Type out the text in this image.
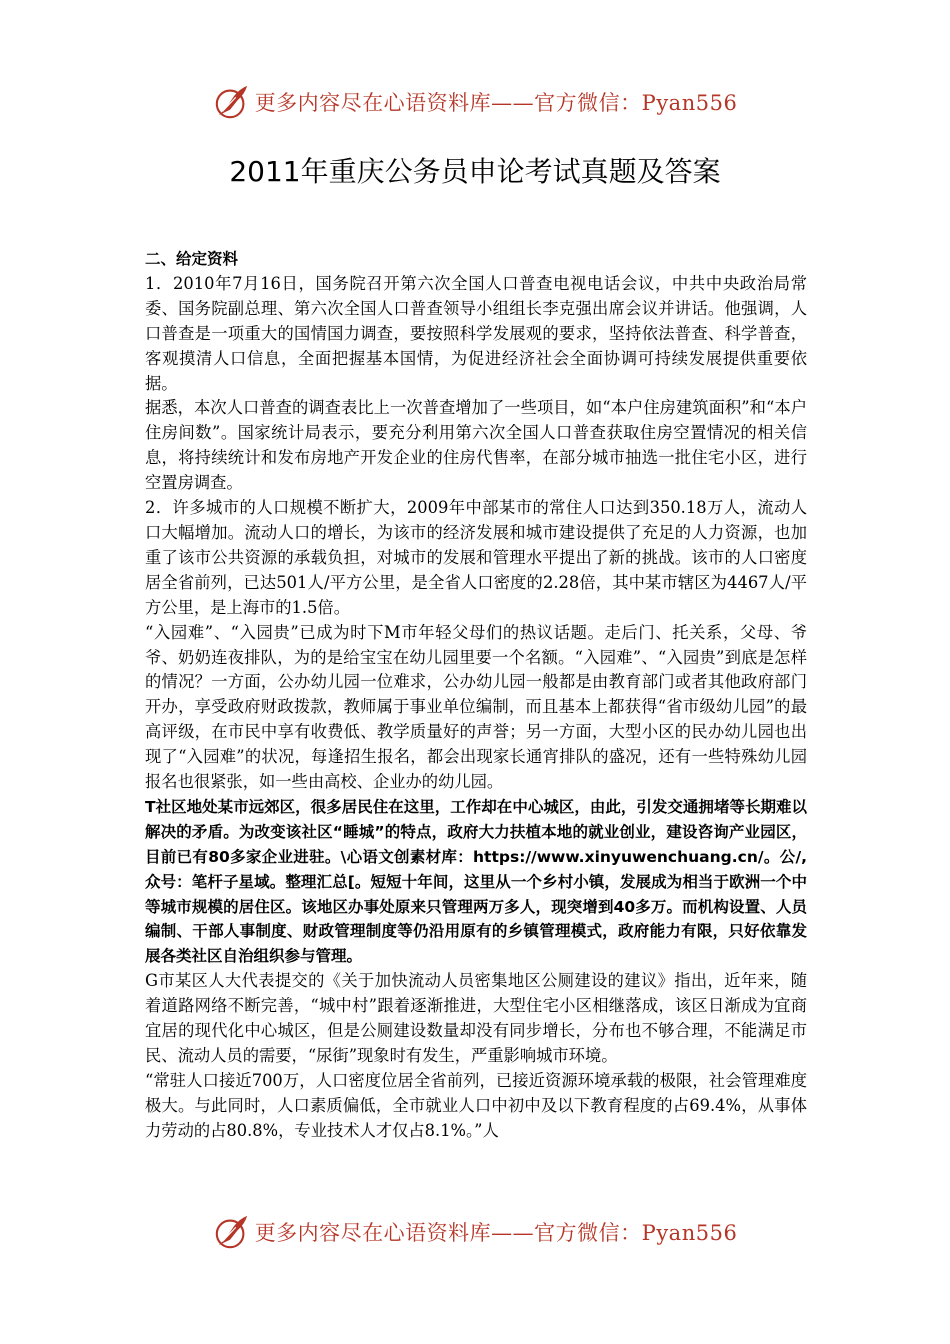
更多内容尽在心语资料库——官方微信：Pyan556
2011年重庆公务员申论考试真题及答案

二、给定资料

1．2010年7月16日，国务院召开第六次全国人口普查电视电话会议，中共中央政治局常委、国务院副总理、第六次全国人口普查领导小组组长李克强出席会议并讲话。他强调，人口普查是一项重大的国情国力调查，要按照科学发展观的要求，坚持依法普查、科学普查，客观摸清人口信息，全面把握基本国情，为促进经济社会全面协调可持续发展提供重要依据。

据悉，本次人口普查的调查表比上一次普查增加了一些项目，如“本户住房建筑面积”和“本户住房间数”。国家统计局表示，要充分利用第六次全国人口普查获取住房空置情况的相关信息，将持续统计和发布房地产开发企业的住房代售率，在部分城市抽选一批住宅小区，进行空置房调查。

2．许多城市的人口规模不断扩大，2009年中部某市的常住人口达到350.18万人，流动人口大幅增加。流动人口的增长，为该市的经济发展和城市建设提供了充足的人力资源，也加重了该市公共资源的承载负担，对城市的发展和管理水平提出了新的挑战。该市的人口密度居全省前列，已达501人/平方公里，是全省人口密度的2.28倍，其中某市辖区为4467人/平方公里，是上海市的1.5倍。

“入园难”、“入园贵”已成为时下M市年轻父母们的热议话题。走后门、托关系，父母、爷爷、奶奶连夜排队，为的是给宝宝在幼儿园里要一个名额。“入园难”、“入园贵”到底是怎样的情况？一方面，公办幼儿园一位难求，公办幼儿园一般都是由教育部门或者其他政府部门开办，享受政府财政拨款，教师属于事业单位编制，而且基本上都获得“省市级幼儿园”的最高评级，在市民中享有收费低、教学质量好的声誉；另一方面，大型小区的民办幼儿园也出现了“入园难”的状况，每逢招生报名，都会出现家长通宵排队的盛况，还有一些特殊幼儿园报名也很紧张，如一些由高校、企业办的幼儿园。

T社区地处某市远郊区，很多居民住在这里，工作却在中心城区，由此，引发交通拥堵等长期难以解决的矛盾。为改变该社区“睡城”的特点，政府大力扶植本地的就业创业，建设咨询产业园区，目前已有80多家企业进驻。\心语文创素材库：https://www.xinyuwenchuang.cn/。公/,众号：笔杆子星域。整理汇总[。短短十年间，这里从一个乡村小镇，发展成为相当于欧洲一个中等城市规模的居住区。该地区办事处原来只管理两万多人，现突增到40多万。而机构设置、人员编制、干部人事制度、财政管理制度等仍沿用原有的乡镇管理模式，政府能力有限，只好依靠发展各类社区自治组织参与管理。

G市某区人大代表提交的《关于加快流动人员密集地区公厕建设的建议》指出，近年来，随着道路网络不断完善，“城中村”跟着逐渐推进，大型住宅小区相继落成，该区日渐成为宜商宜居的现代化中心城区，但是公厕建设数量却没有同步增长，分布也不够合理，不能满足市民、流动人员的需要，“尿街”现象时有发生，严重影响城市环境。

“常驻人口接近700万，人口密度位居全省前列，已接近资源环境承载的极限，社会管理难度极大。与此同时，人口素质偏低，全市就业人口中初中及以下教育程度的占69.4%，从事体力劳动的占80.8%，专业技术人才仅占8.1%。”人

更多内容尽在心语资料库——官方微信：Pyan556
